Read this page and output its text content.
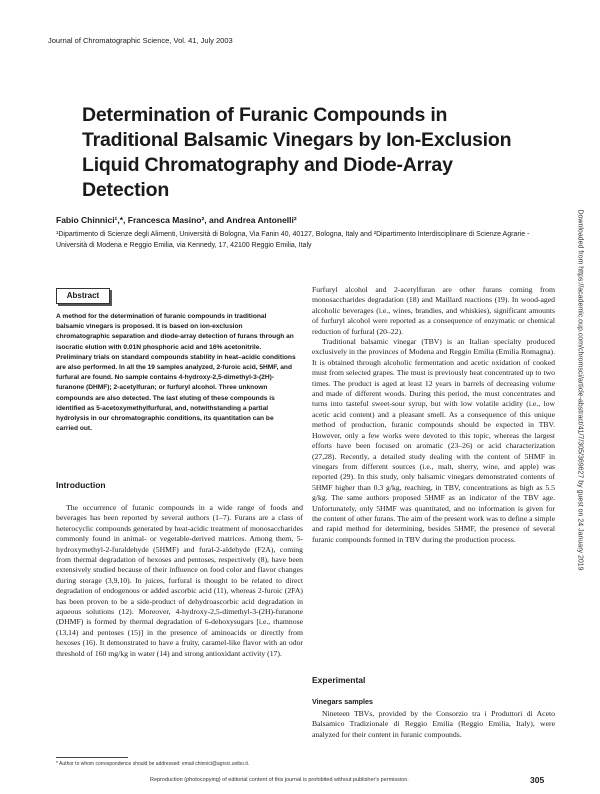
Journal of Chromatographic Science, Vol. 41, July 2003
Determination of Furanic Compounds in Traditional Balsamic Vinegars by Ion-Exclusion Liquid Chromatography and Diode-Array Detection
Fabio Chinnici¹,*, Francesca Masino², and Andrea Antonelli²
¹Dipartimento di Scienze degli Alimenti, Università di Bologna, Via Fanin 40, 40127, Bologna, Italy and ²Dipartimento Interdisciplinare di Scienze Agrarie - Università di Modena e Reggio Emilia, via Kennedy, 17, 42100 Reggio Emilia, Italy	Downloaded from https://academic.oup.com/chromsci/article-abstract/41/7/305/369627 by guest on 24 January 2019
Abstract
A method for the determination of furanic compounds in traditional balsamic vinegars is proposed. It is based on ion-exclusion chromatographic separation and diode-array detection of furans through an isocratic elution with 0.01N phosphoric acid and 16% acetonitrile. Preliminary trials on standard compounds stability in heat–acidic conditions are also performed. In all the 19 samples analyzed, 2-furoic acid, 5HMF, and furfural are found. No sample contains 4-hydroxy-2,5-dimethyl-3-(2H)-furanone (DHMF); 2-acetylfuran; or furfuryl alcohol. Three unknown compounds are also detected. The last eluting of these compounds is identified as 5-acetoxymethylfurfural, and, notwithstanding a partial hydrolysis in our chromatographic conditions, its quantitation can be carried out.
Introduction

The occurrence of furanic compounds in a wide range of foods and beverages has been reported by several authors (1–7). Furans are a class of heterocyclic compounds generated by heat-acidic treatment of monosaccharides commonly found in animal- or vegetable-derived matrices. Among them, 5-hydroxymethyl-2-furaldehyde (5HMF) and fural-2-aldehyde (F2A), coming from thermal degradation of hexoses and pentoses, respectively (8), have been extensively studied because of their influence on food color and flavor changes during storage (3,9,10). In juices, furfural is thought to be related to direct degradation of endogenous or added ascorbic acid (11), whereas 2-furoic (2FA) has been proven to be a side-product of dehydroascorbic acid degradation in aqueous solutions (12). Moreover, 4-hydroxy-2,5-dimethyl-3-(2H)-furanone (DHMF) is formed by thermal degradation of 6-dehoxysugars [i.e., rhamnose (13,14) and pentoses (15)] in the presence of aminoacids or directly from hexoses (16). It demonstrated to have a fruity, caramel-like flavor with an odor threshold of 160 mg/kg in water (14) and strong antioxidant activity (17).

Furfuryl alcohol and 2-acetylfuran are other furans coming from monosaccharides degradation (18) and Maillard reactions (19). In wood-aged alcoholic beverages (i.e., wines, brandies, and whiskies), significant amounts of furfuryl alcohol were reported as a consequence of enzymatic or chemical reduction of furfural (20–22).

Traditional balsamic vinegar (TBV) is an Italian specialty produced exclusively in the provinces of Modena and Reggio Emilia (Emilia Romagna). It is obtained through alcoholic fermentation and acetic oxidation of cooked must from selected grapes. The must is previously heat concentrated up to two times. The product is aged at least 12 years in barrels of decreasing volume and made of different woods. During this period, the must concentrates and turns into tasteful sweet-sour syrup, but with low volatile acidity (i.e., low acetic acid content) and a pleasant smell. As a consequence of this unique method of production, furanic compounds should be expected in TBV. However, only a few works were devoted to this topic, whereas the largest efforts have been focused on aromatic (23–26) or acid characterization (27,28). Recently, a detailed study dealing with the content of 5HMF in vinegars from different sources (i.e., malt, sherry, wine, and apple) was reported (29). In this study, only balsamic vinegars demonstrated contents of 5HMF higher than 0.3 g/kg, reaching, in TBV, concentrations as high as 5.5 g/kg. The same authors proposed 5HMF as an indicator of the TBV age. Unfortunately, only 5HMF was quantitated, and no information is given for the content of other furans. The aim of the present work was to define a simple and rapid method for determining, besides 5HMF, the presence of several furanic compounds formed in TBV during the production process.

Experimental
Vinegars samples

Nineteen TBVs, provided by the Consorzio tra i Produttori di Aceto Balsamico Tradizionale di Reggio Emilia (Reggio Emilia, Italy), were analyzed for their content in furanic compounds.

* Author to whom correspondence should be addressed: email chinnici@agrsci.unibo.it.
Reproduction (photocopying) of editorial content of this journal is prohibited without publisher's permission.	305
